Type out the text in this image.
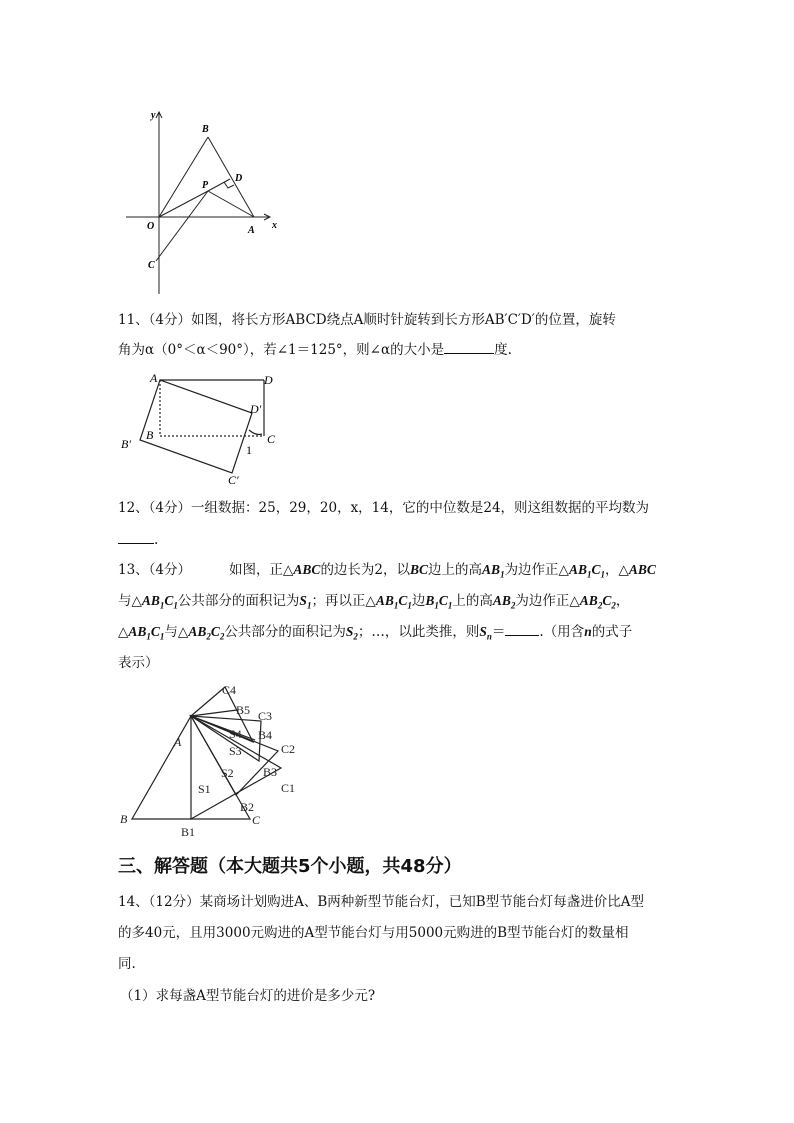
y
x
B
D
P
O	A
C
11、（4分）如图，将长方形ABCD绕点A顺时针旋转到长方形AB′C′D′的位置，旋转
角为α（0°＜α＜90°），若∠1＝125°，则∠α的大小是	度.
A	D
D′
B
B′	C
1
C′
12、（4分）一组数据：25，29，20，x，14，它的中位数是24，则这组数据的平均数为
.
13、（4分）	如图，正△ABC的边长为2，以BC边上的高$AB_1$为边作正$\triangle AB_1C_1$，△ABC
与$\triangle AB_1C_1$公共部分的面积记为$S_1$；再以正$\triangle AB_1C_1$边$B_1C_1$上的高$AB_2$为边作正$\triangle AB_2C_2$，
$\triangle AB_1C_1$与$\triangle AB_2C_2$公共部分的面积记为$S_2$；…，以此类推，则$S_n=$	.（用含n的式子
表示）
C4
B5 C3
A
S4 B4
S3	C2
S2 B3
S1	C1
B2
B	C
B1
三、解答题（本大题共5个小题，共48分）
14、（12分）某商场计划购进A、B两种新型节能台灯，已知B型节能台灯每盏进价比A型
的多40元，且用3000元购进的A型节能台灯与用5000元购进的B型节能台灯的数量相
同.
（1）求每盏A型节能台灯的进价是多少元?
